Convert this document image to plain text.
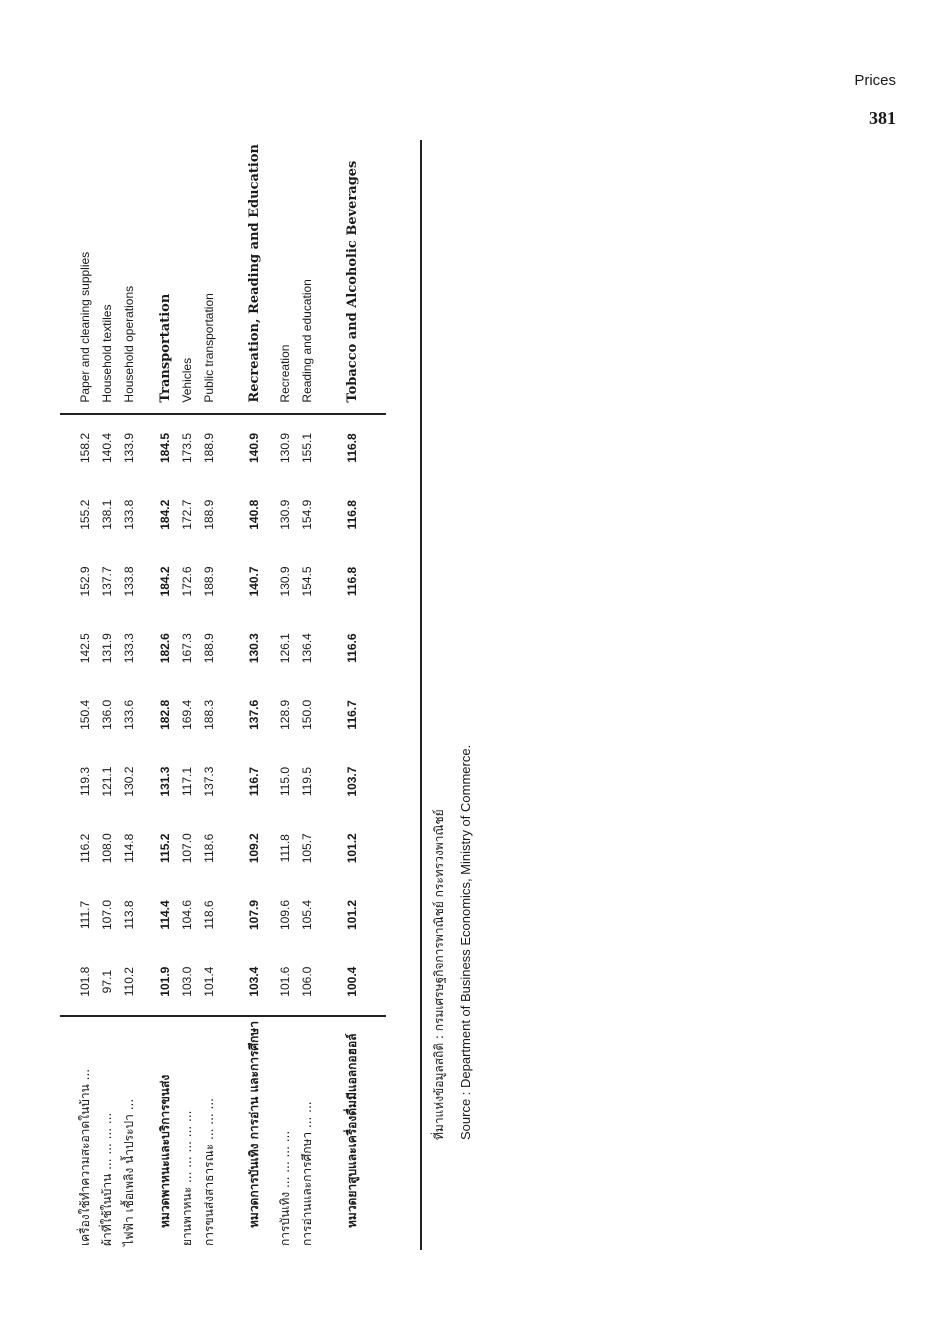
Prices
381

เครื่องใช้ทำความสะอาดในบ้าน ...	101.8	111.7	116.2	119.3	150.4	142.5	152.9	155.2	158.2	Paper and cleaning supplies
ผ้าที่ใช้ในบ้าน ... ... ... ...	97.1	107.0	108.0	121.1	136.0	131.9	137.7	138.1	140.4	Household textiles
ไฟฟ้า เชื้อเพลิง น้ำประปา ...	110.2	113.8	114.8	130.2	133.6	133.3	133.8	133.8	133.9	Household operations

หมวดพาหนะและบริการขนส่ง	101.9	114.4	115.2	131.3	182.8	182.6	184.2	184.2	184.5	Transportation
ยานพาหนะ ... ... ... ... ...	103.0	104.6	107.0	117.1	169.4	167.3	172.6	172.7	173.5	Vehicles
การขนส่งสาธารณะ ... ... ...	101.4	118.6	118.6	137.3	188.3	188.9	188.9	188.9	188.9	Public transportation

หมวดการบันเทิง การอ่าน และการศึกษา	103.4	107.9	109.2	116.7	137.6	130.3	140.7	140.8	140.9	Recreation, Reading and Education
การบันเทิง ... ... ... ...	101.6	109.6	111.8	115.0	128.9	126.1	130.9	130.9	130.9	Recreation
การอ่านและการศึกษา ... ...	106.0	105.4	105.7	119.5	150.0	136.4	154.5	154.9	155.1	Reading and education

หมวดยาสูบและเครื่องดื่มมีแอลกอฮอล์	100.4	101.2	101.2	103.7	116.7	116.6	116.8	116.8	116.8	Tobacco and Alcoholic Beverages

ที่มาแห่งข้อมูลสถิติ : กรมเศรษฐกิจการพาณิชย์ กระทรวงพาณิชย์ Source : Department of Business Economics, Ministry of Commerce.
